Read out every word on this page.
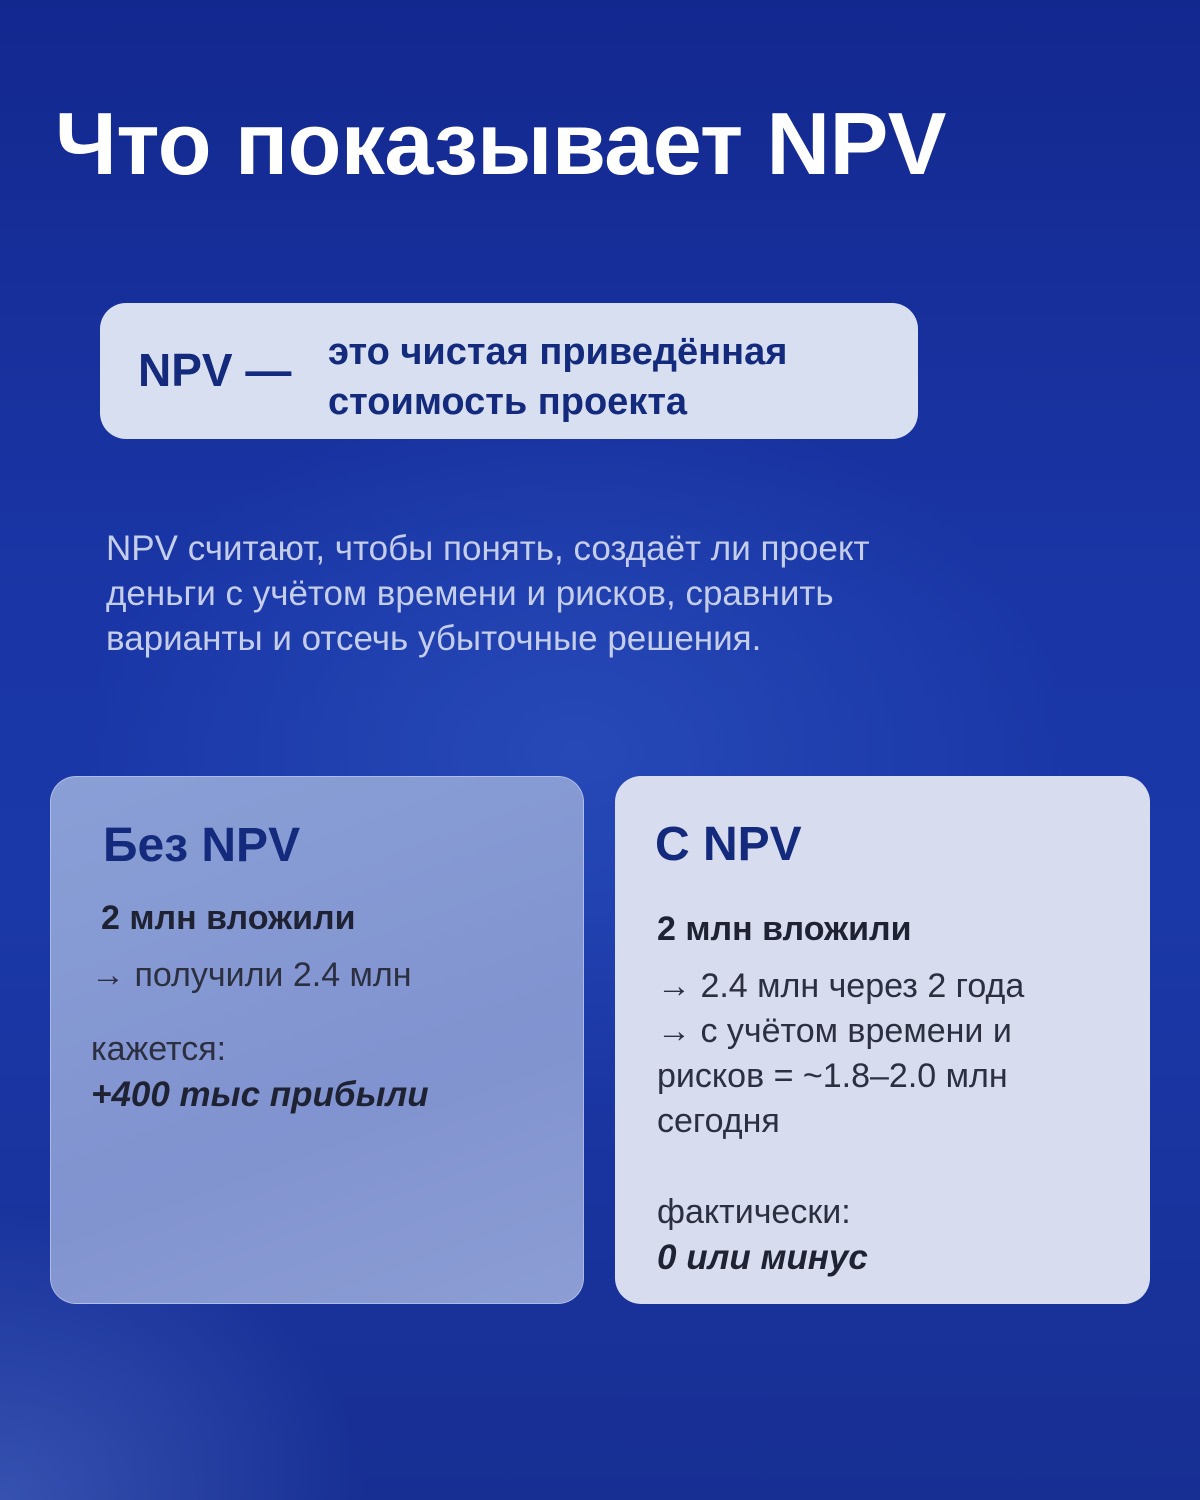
Что показывает NPV
NPV — это чистая приведённая
стоимость проекта
NPV считают, чтобы понять, создаёт ли проект
деньги с учётом времени и рисков, сравнить
варианты и отсечь убыточные решения.
Без NPV
2 млн вложили
→ получили 2.4 млн
кажется:
+400 тыс прибыли
С NPV
2 млн вложили
→ 2.4 млн через 2 года
→ с учётом времени и
рисков = ~1.8–2.0 млн
сегодня
фактически:
0 или минус
